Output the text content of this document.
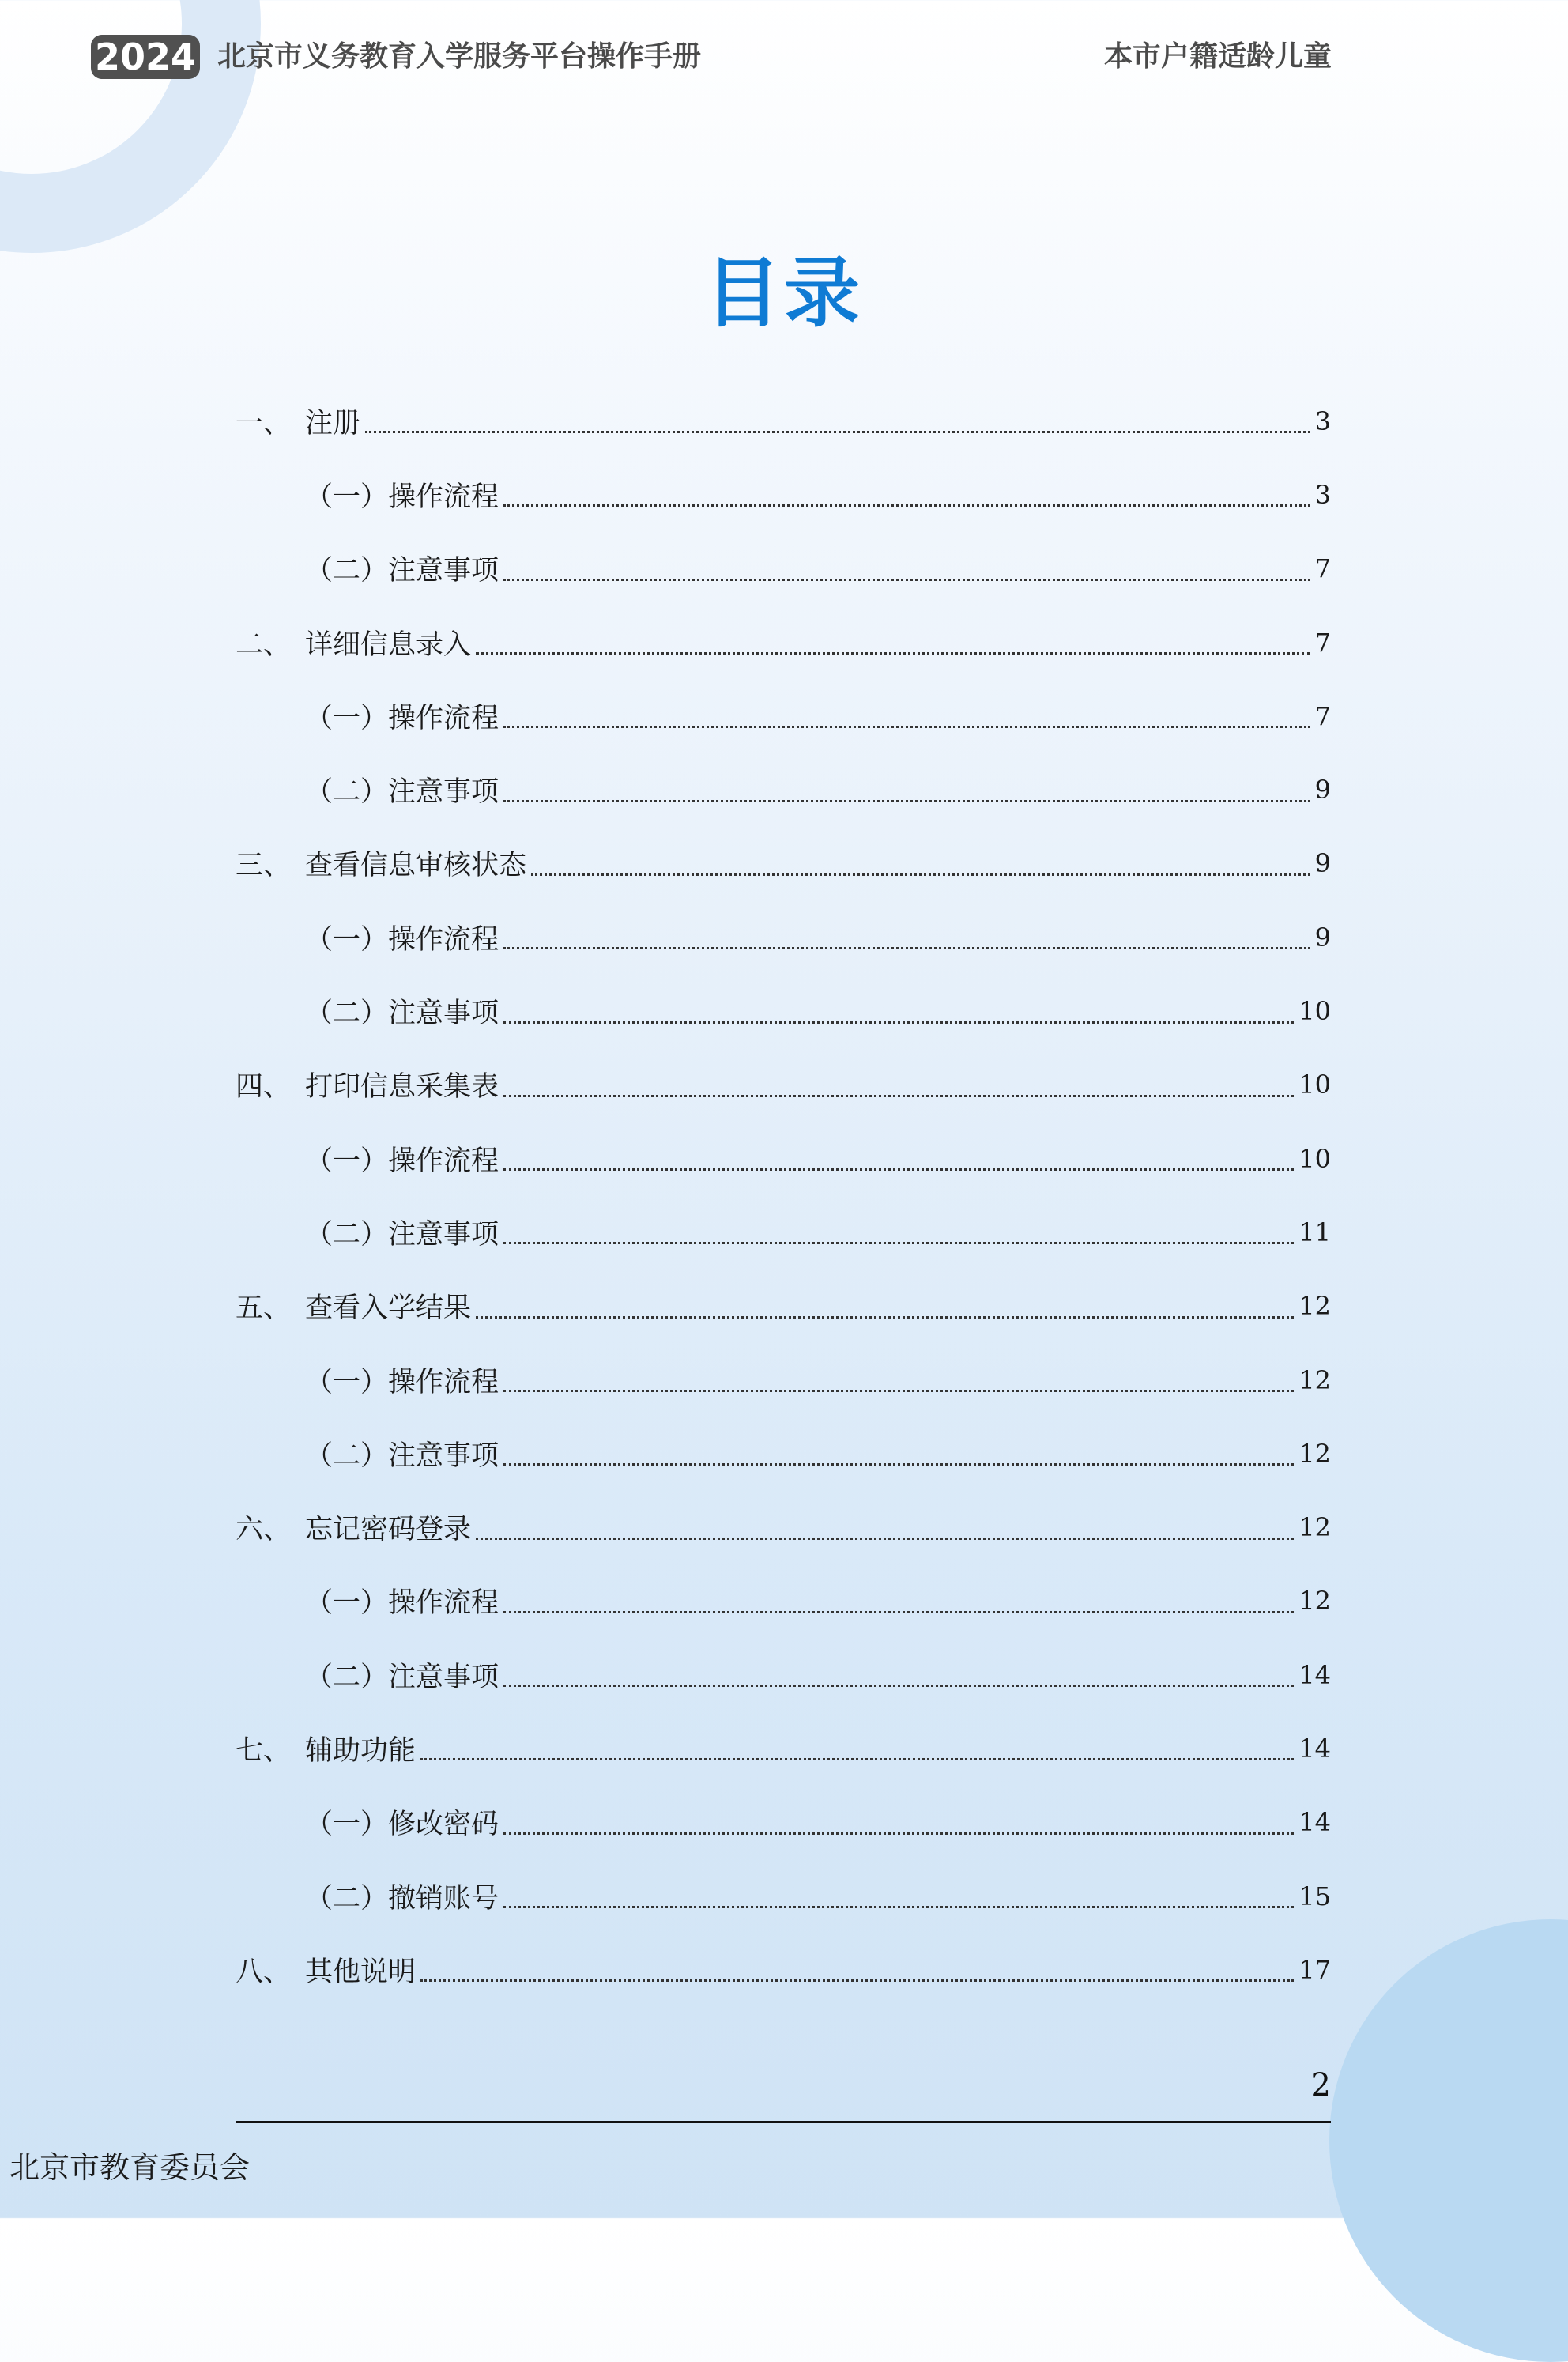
2024 北京市义务教育入学服务平台操作手册	本市户籍适龄儿童
目录
一、 注册	3
（一）操作流程	3
（二）注意事项	7
二、 详细信息录入	7
（一）操作流程	7
（二）注意事项	9
三、 查看信息审核状态	9
（一）操作流程	9
（二）注意事项	10
四、 打印信息采集表	10
（一）操作流程	10
（二）注意事项	11
五、 查看入学结果	12
（一）操作流程	12
（二）注意事项	12
六、 忘记密码登录	12
（一）操作流程	12
（二）注意事项	14
七、 辅助功能	14
（一）修改密码	14
（二）撤销账号	15
八、 其他说明	17
2
北京市教育委员会
